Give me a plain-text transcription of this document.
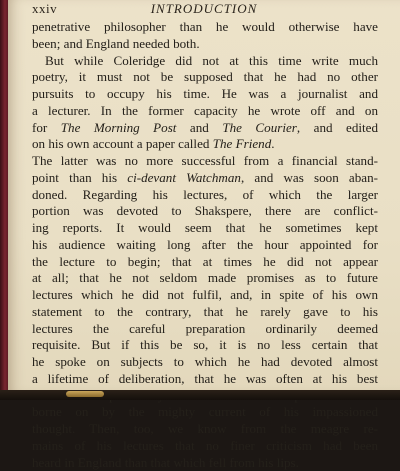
xxiv	INTRODUCTION

penetrative philosopher than he would otherwise have
been; and England needed both.
But while Coleridge did not at this time write much
poetry, it must not be supposed that he had no other
pursuits to occupy his time. He was a journalist and
a lecturer. In the former capacity he wrote off and on
for The Morning Post and The Courier, and edited
on his own account a paper called The Friend.
The latter was no more successful from a financial stand-
point than his ci-devant Watchman, and was soon aban-
doned. Regarding his lectures, of which the larger
portion was devoted to Shakspere, there are conflict-
ing reports. It would seem that he sometimes kept
his audience waiting long after the hour appointed for
the lecture to begin; that at times he did not appear
at all; that he not seldom made promises as to future
lectures which he did not fulfil, and, in spite of his own
statement to the contrary, that he rarely gave to his
lectures the careful preparation ordinarily deemed
requisite. But if this be so, it is no less certain that
he spoke on subjects to which he had devoted almost
a lifetime of deliberation, that he was often at his best
borne on by the mighty current of his impassioned
thought. Then, too, we know from the meagre re-
mains of his lectures that no finer criticism had been
heard in England than that which fell from his lips.
